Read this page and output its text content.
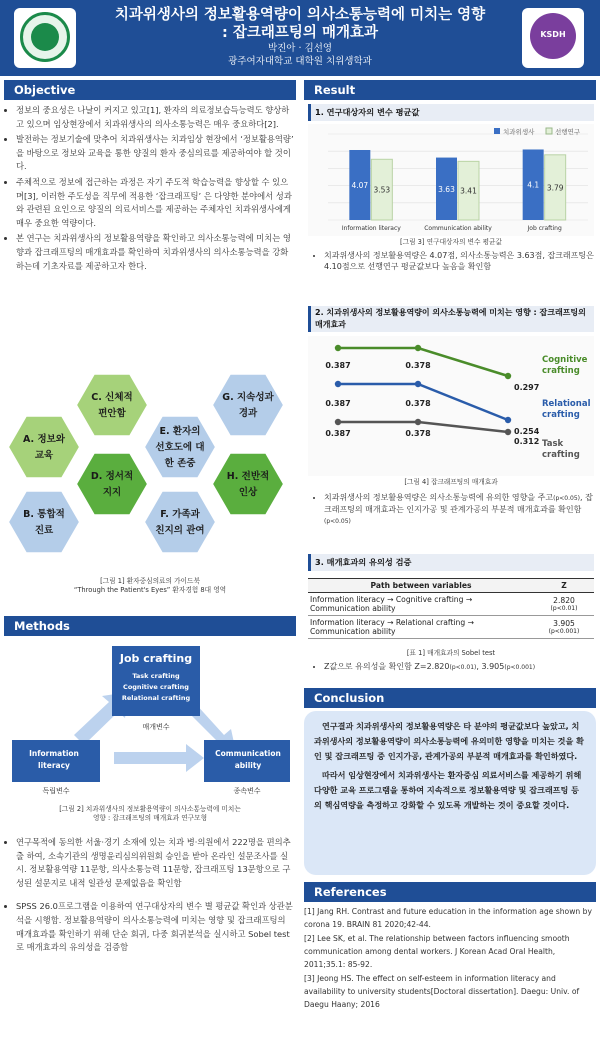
치과위생사의 정보활용역량이 의사소통능력에 미치는 영향
: 잡크래프팅의 매개효과
박진아 · 김선영
광주여자대학교 대학원 치위생학과
KSDH
Objective
• 정보의 중요성은 나날이 커지고 있고[1], 환자의 의료정보습득능력도 향상하고 있으며 임상현장에서 치과위생사의 의사소통능력은 매우 중요하다[2].
• 발전하는 정보기술에 맞추어 치과위생사는 치과임상 현장에서 ‘정보활용역량’ 을 바탕으로 정보와 교육을 통한 양질의 환자 중심의료를 제공하여야 할 것이다.
• 주체적으로 정보에 접근하는 과정은 자기 주도적 학습능력을 향상할 수 있으며[3], 이러한 주도성을 직무에 적용한 ‘잡크래프팅’ 은 다양한 분야에서 성과와 관련된 요인으로 양질의 의료서비스를 제공하는 주체자인 치과위생사에게 매우 중요한 역량이다.
• 본 연구는 치과위생사의 정보활용역량을 확인하고 의사소통능력에 미치는 영향과 잡크래프팅의 매개효과를 확인하여 치과위생사의 의사소통능력을 강화하는데 기초자료를 제공하고자 한다.
A. 정보와
교육
B. 통합적
진료
C. 신체적
편안함
D. 정서적
지지
E. 환자의
선호도에 대
한 존중
F. 가족과
친지의 관여
G. 지속성과
경과
H. 전반적
인상
[그림 1] 환자중심의료의 가이드북
“Through the Patient's Eyes” 환자경험 8대 영역
Methods
Job crafting
Task crafting
Cognitive crafting
Relational crafting
매개변수
Information literacy
독립변수
Communication ability
종속변수
[그림 2] 치과위생사의 정보활용역량이 의사소통능력에 미치는
영향 : 잡크래프팅의 매개효과 연구모형
• 연구목적에 동의한 서울·경기 소재에 있는 치과 병·의원에서 222명을 편의추출 하여, 소속기관의 생명윤리심의위원회 승인을 받아 온라인 설문조사를 실시. 정보활용역량 11문항, 의사소통능력 11문항, 잡크래프팅 13문항으로 구성된 설문지로 내적 일관성 문제없음을 확인함
• SPSS 26.0프로그램을 이용하여 연구대상자의 변수 별 평균값 확인과 상관분석을 시행함. 정보활용역량이 의사소통능력에 미치는 영향 및 잡크래프팅의 매개효과를 확인하기 위해 단순 회귀, 다중 회귀분석을 실시하고 Sobel test로 매개효과의 유의성을 검증함
Result
1. 연구대상자의 변수 평균값
4.07
3.53	3.63 3.41
4.1 3.79
Information literacy	Communication ability	Job crafting
치과위생사	선행연구
[그림 3] 연구대상자의 변수 평균값
• 치과위생사의 정보활용역량은 4.07점, 의사소통능력은 3.63점, 잡크래프팅은 4.10점으로 선행연구 평균값보다 높음을 확인함
2. 치과위생사의 정보활용역량이 의사소통능력에 미치는 영향 : 잡크래프팅의 매개효과
0.387	0.378
0.297
0.387	0.378
0.254
0.387	0.378
0.312
Cognitive
crafting
Relational
crafting
Task
crafting
[그림 4] 잡크래프팅의 매개효과
• 치과위생사의 정보활용역량은 의사소통능력에 유의한 영향을 주고(p<0.05), 잡크래프팅의 매개효과는 인지가공 및 관계가공의 부분적 매개효과를 확인함(p<0.05)
3. 매개효과의 유의성 검증
Path between variables	Z
Information literacy → Cognitive crafting → Communication ability	2.820
(p<0.01)

Information literacy → Relational crafting → Communication ability	3.905
(p<0.001)
[표 1] 매개효과의 Sobel test
• Z값으로 유의성을 확인함 Z=2.820(p<0.01), 3.905(p<0.001)
Conclusion

연구결과 치과위생사의 정보활용역량은 타 분야의 평균값보다 높았고, 치과위생사의 정보활용역량이 의사소통능력에 유의미한 영향을 미치는 것을 확인 및 잡크래프팅 중 인지가공, 관계가공의 부분적 매개효과를 확인하였다.

따라서 임상현장에서 치과위생사는 환자중심 의료서비스를 제공하기 위해 다양한 교육 프로그램을 통하여 지속적으로 정보활용역량 및 잡크래프팅 등의 핵심역량을 측정하고 강화할 수 있도록 개발하는 것이 중요할 것이다.

References

[1] Jang RH. Contrast and future education in the information age shown by corona 19. BRAIN 81 2020;42-44.

[2] Lee SK, et al. The relationship between factors influencing smooth communication among dental workers. J Korean Acad Oral Health, 2011;35.1: 85-92.

[3] Jeong HS. The effect on self-esteem in information literacy and availability to university students[Doctoral dissertation]. Daegu: Univ. of Daegu Haany; 2016
